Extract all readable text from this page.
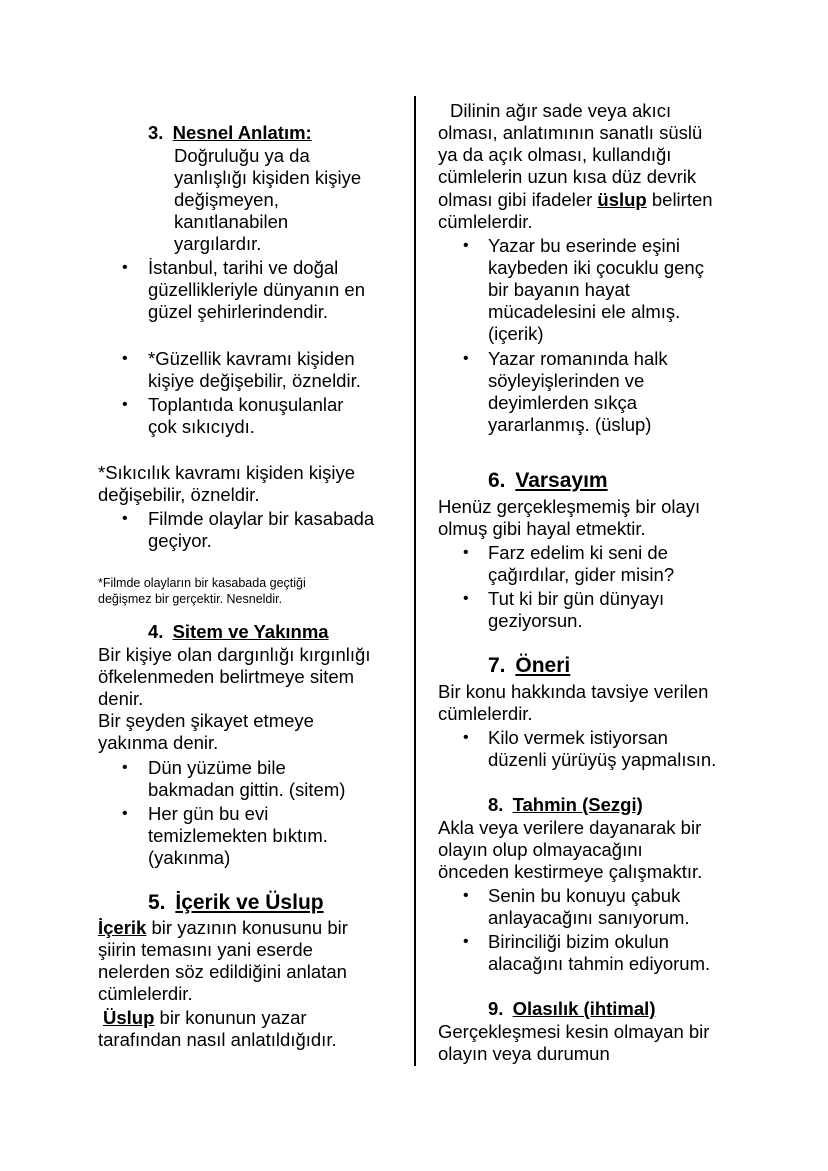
3. Nesnel Anlatım:
Doğruluğu ya da
yanlışlığı kişiden kişiye
değişmeyen,
kanıtlanabilen
yargılardır.
• İstanbul, tarihi ve doğal
güzellikleriyle dünyanın en
güzel şehirlerindendir.
• *Güzellik kavramı kişiden
kişiye değişebilir, özneldir.
• Toplantıda konuşulanlar
çok sıkıcıydı.
*Sıkıcılık kavramı kişiden kişiye
değişebilir, özneldir.
• Filmde olaylar bir kasabada
geçiyor.
*Filmde olayların bir kasabada geçtiği
değişmez bir gerçektir. Nesneldir.
4. Sitem ve Yakınma
Bir kişiye olan dargınlığı kırgınlığı
öfkelenmeden belirtmeye sitem
denir.
Bir şeyden şikayet etmeye
yakınma denir.
• Dün yüzüme bile
bakmadan gittin. (sitem)
• Her gün bu evi
temizlemekten bıktım.
(yakınma)
5. İçerik ve Üslup
İçerik bir yazının konusunu bir
şiirin temasını yani eserde
nelerden söz edildiğini anlatan
cümlelerdir.
Üslup bir konunun yazar
tarafından nasıl anlatıldığıdır.
Dilinin ağır sade veya akıcı
olması, anlatımının sanatlı süslü
ya da açık olması, kullandığı
cümlelerin uzun kısa düz devrik
olması gibi ifadeler üslup belirten
cümlelerdir.
• Yazar bu eserinde eşini
kaybeden iki çocuklu genç
bir bayanın hayat
mücadelesini ele almış.
(içerik)
• Yazar romanında halk
söyleyişlerinden ve
deyimlerden sıkça
yararlanmış. (üslup)
6. Varsayım
Henüz gerçekleşmemiş bir olayı
olmuş gibi hayal etmektir.
• Farz edelim ki seni de
çağırdılar, gider misin?
• Tut ki bir gün dünyayı
geziyorsun.
7. Öneri
Bir konu hakkında tavsiye verilen
cümlelerdir.
• Kilo vermek istiyorsan
düzenli yürüyüş yapmalısın.
8. Tahmin (Sezgi)
Akla veya verilere dayanarak bir
olayın olup olmayacağını
önceden kestirmeye çalışmaktır.
• Senin bu konuyu çabuk
anlayacağını sanıyorum.
• Birinciliği bizim okulun
alacağını tahmin ediyorum.
9. Olasılık (ihtimal)
Gerçekleşmesi kesin olmayan bir
olayın veya durumun
